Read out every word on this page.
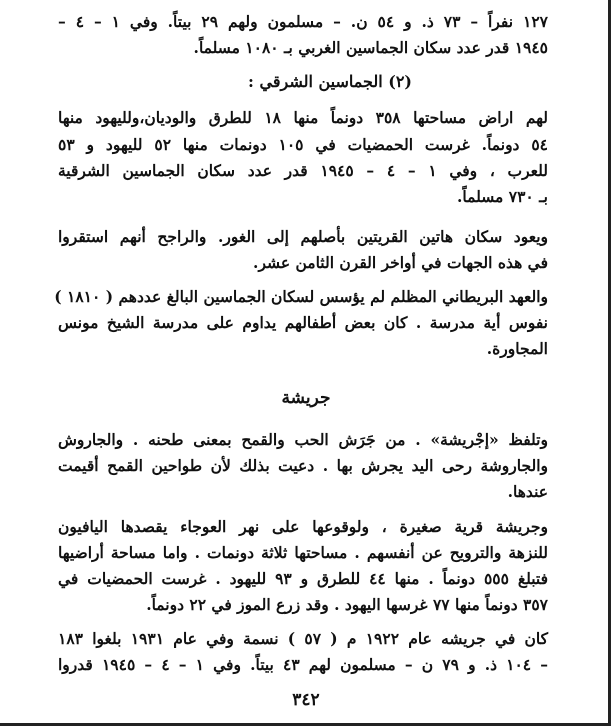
١٢٧ نفراً – ٧٣ ذ. و ٥٤ ن. – مسلمون ولهم ٢٩ بيتاً. وفي ١ – ٤ –
١٩٤٥ قدر عدد سكان الجماسين الغربي بـ ١٠٨٠ مسلماً.
(٢) الجماسين الشرقي :
لهم اراض مساحتها ٣٥٨ دونماً منها ١٨ للطرق والوديان،ولليهود منها
٥٤ دونماً. غرست الحمضيات في ١٠٥ دونمات منها ٥٢ لليهود و ٥٣
للعرب ، وفي ١ – ٤ – ١٩٤٥ قدر عدد سكان الجماسين الشرقية
بـ ٧٣٠ مسلماً.
ويعود سكان هاتين القريتين بأصلهم إلى الغور. والراجح أنهم استقروا
في هذه الجهات في أواخر القرن الثامن عشر.
والعهد البريطاني المظلم لم يؤسس لسكان الجماسين البالغ عددهم ( ١٨١٠ )
نفوس أية مدرسة . كان بعض أطفالهم يداوم على مدرسة الشيخ مونس
المجاورة.
جريشة
وتلفظ «إجْريشة» . من جَرَش الحب والقمح بمعنى طحنه . والجاروش
والجاروشة رحى اليد يجرش بها . دعيت بذلك لأن طواحين القمح أقيمت
عندها.
وجريشة قرية صغيرة ، ولوقوعها على نهر العوجاء يقصدها اليافيون
للنزهة والترويح عن أنفسهم . مساحتها ثلاثة دونمات . واما مساحة أراضيها
فتبلغ ٥٥٥ دونماً . منها ٤٤ للطرق و ٩٣ لليهود . غرست الحمضيات في
٣٥٧ دونماً منها ٧٧ غرسها اليهود . وقد زرع الموز في ٢٢ دونماً.
كان في جريشه عام ١٩٢٢ م ( ٥٧ ) نسمة وفي عام ١٩٣١ بلغوا ١٨٣
– ١٠٤ ذ. و ٧٩ ن – مسلمون لهم ٤٣ بيتاً. وفي ١ – ٤ – ١٩٤٥ قدروا
٣٤٢
